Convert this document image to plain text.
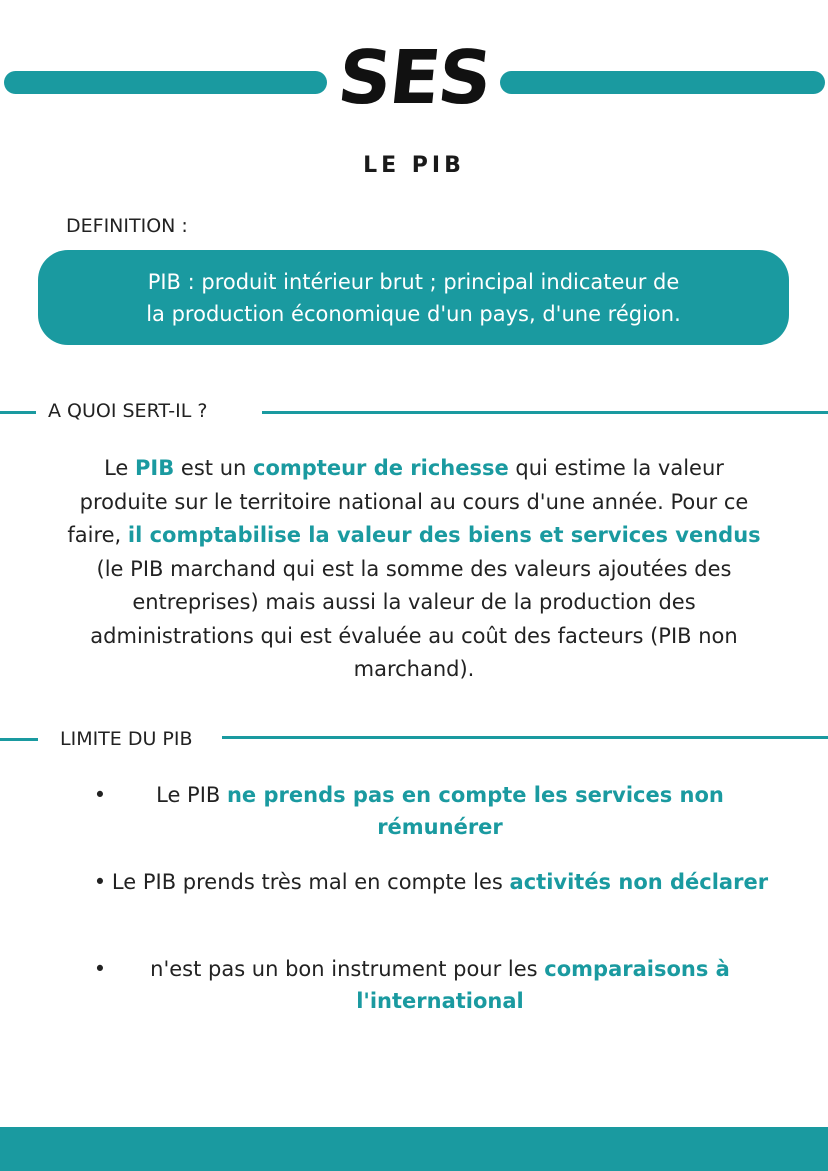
SES
LE PIB
DEFINITION :
PIB : produit intérieur brut ; principal indicateur de
la production économique d'un pays, d'une région.
A QUOI SERT-IL ?
Le PIB est un compteur de richesse qui estime la valeur produite sur le territoire national au cours d'une année. Pour ce faire, il comptabilise la valeur des biens et services vendus (le PIB marchand qui est la somme des valeurs ajoutées des entreprises) mais aussi la valeur de la production des administrations qui est évaluée au coût des facteurs (PIB non marchand).
LIMITE DU PIB
•	Le PIB ne prends pas en compte les services non rémunérer
• Le PIB prends très mal en compte les activités non déclarer
•	n'est pas un bon instrument pour les comparaisons à l'international
